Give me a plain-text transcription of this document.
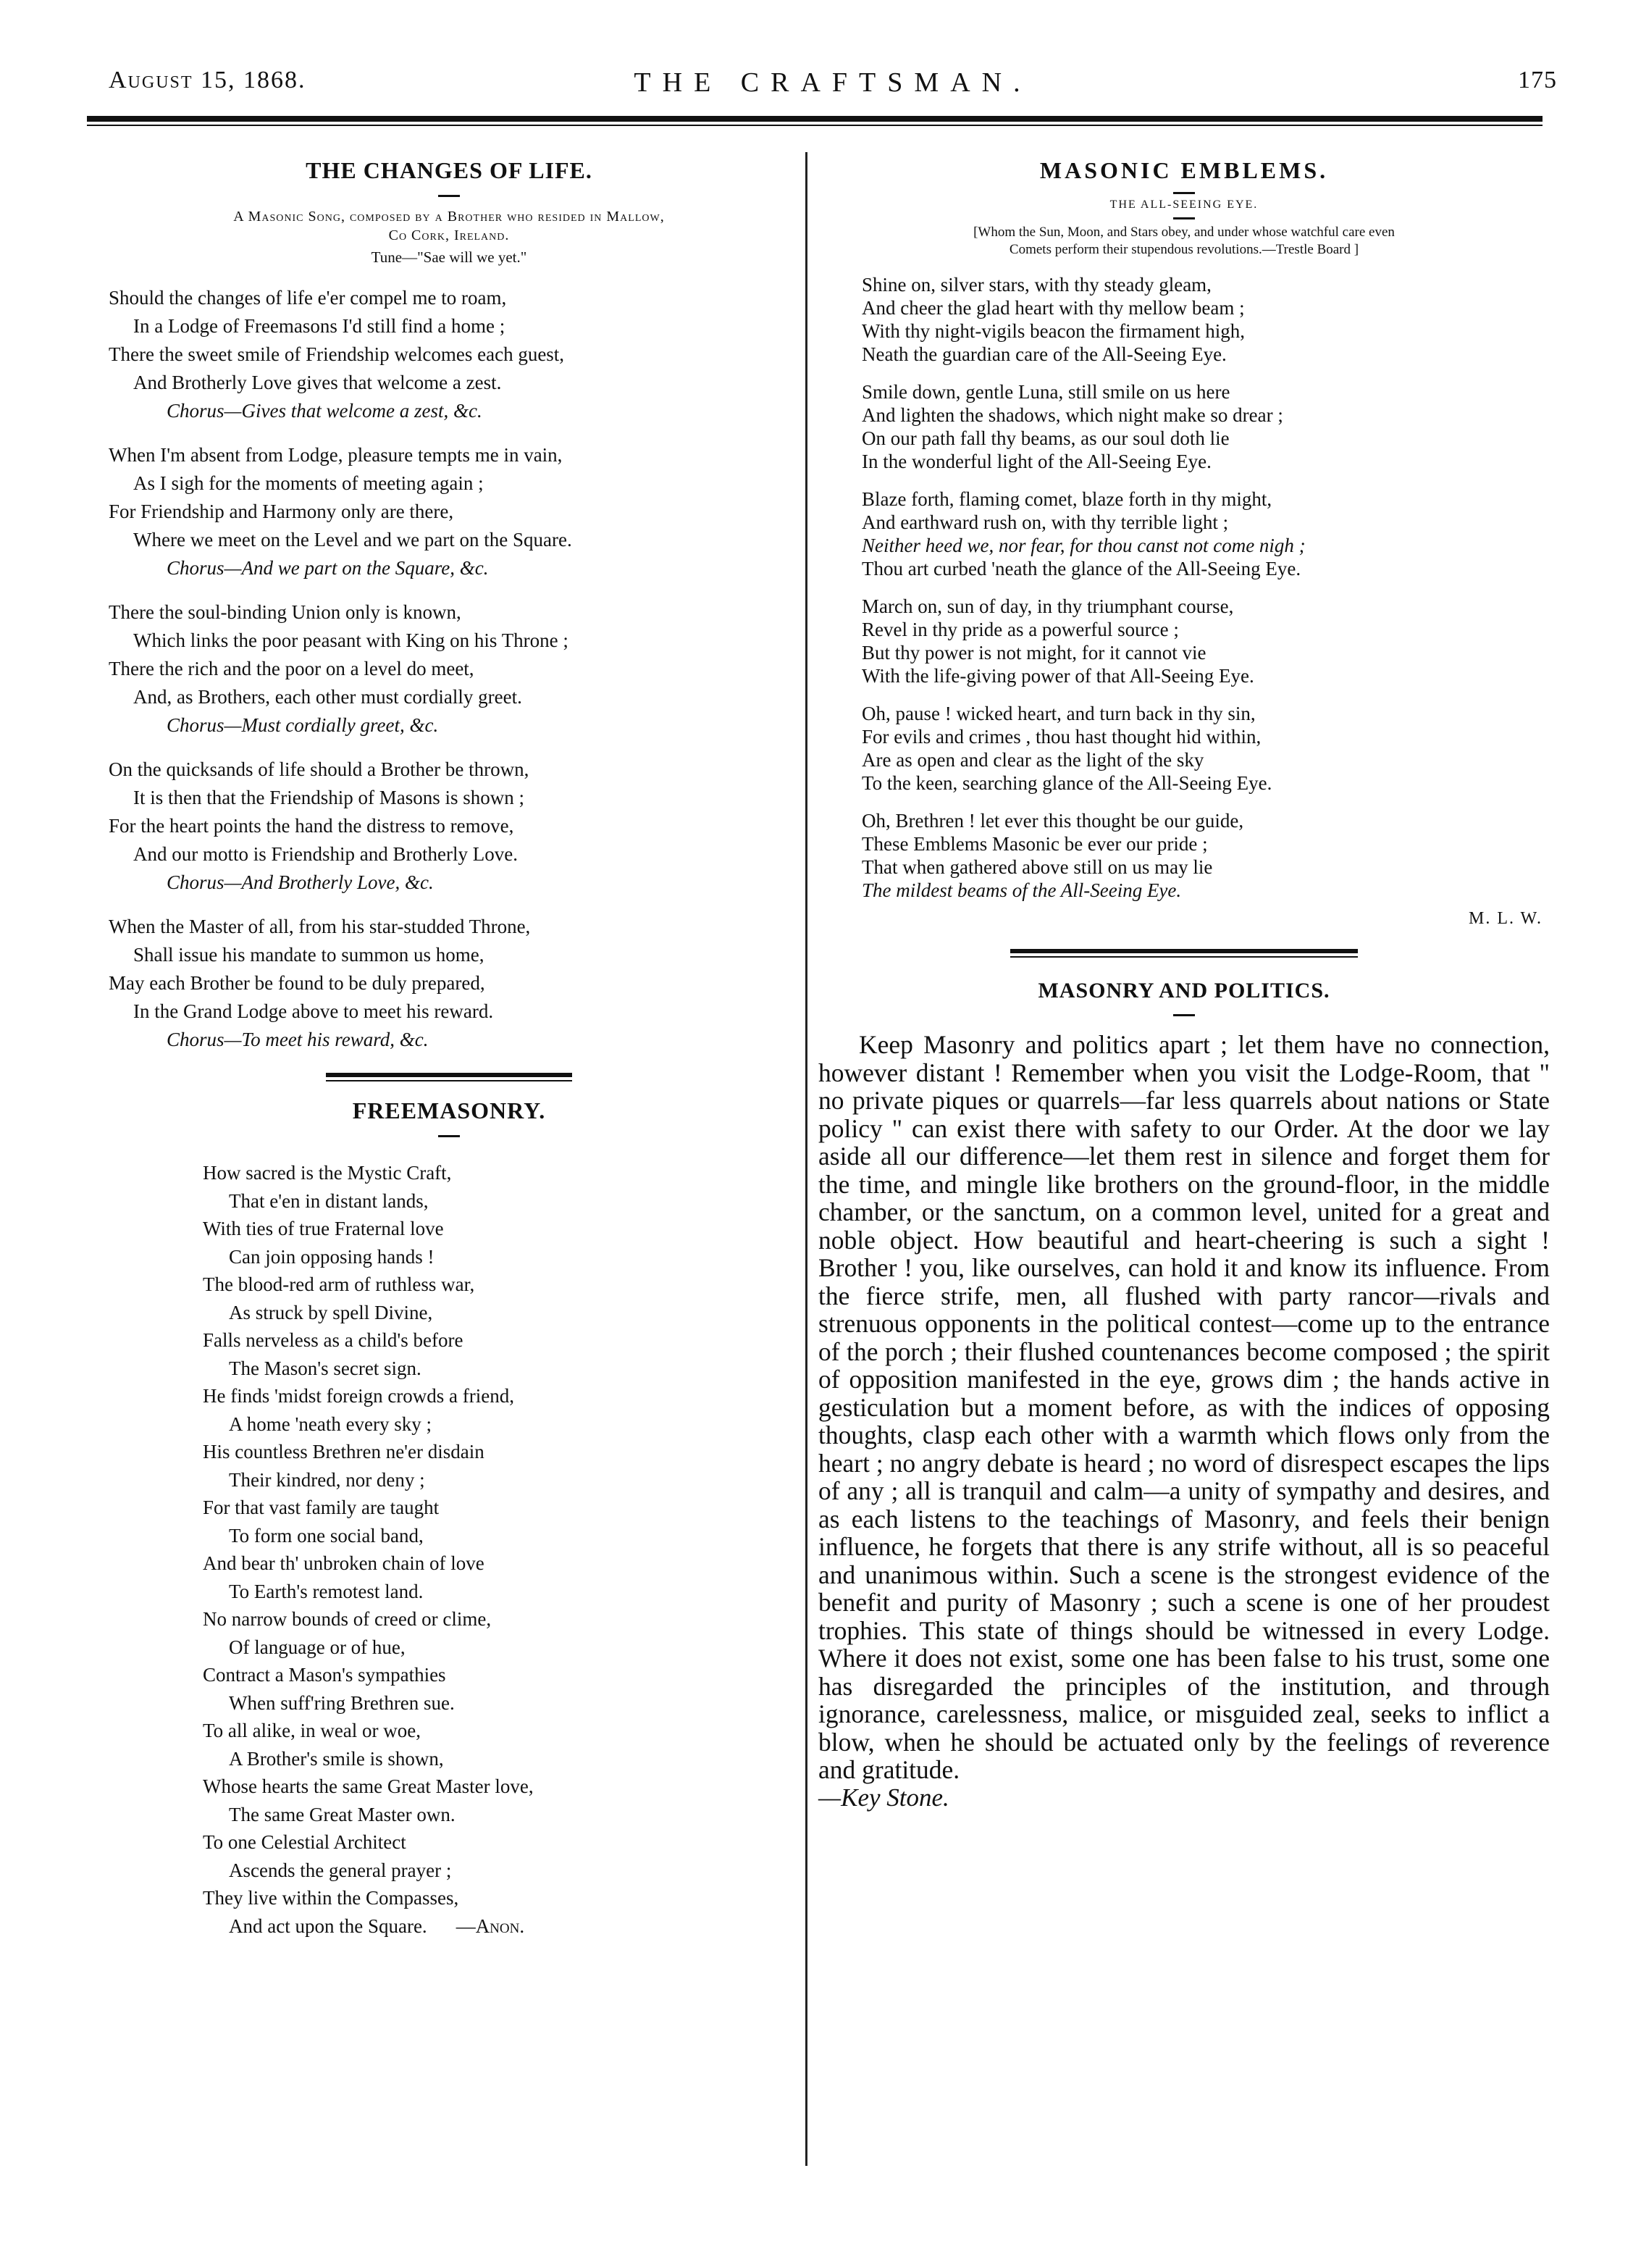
August 15, 1868.	THE CRAFTSMAN.	175
THE CHANGES OF LIFE.
A Masonic Song, composed by a Brother who resided in Mallow,
Co Cork, Ireland.
Tune—"Sae will we yet."
Should the changes of life e'er compel me to roam,
In a Lodge of Freemasons I'd still find a home ;
There the sweet smile of Friendship welcomes each guest,
And Brotherly Love gives that welcome a zest.
Chorus—Gives that welcome a zest, &c.
When I'm absent from Lodge, pleasure tempts me in vain,
As I sigh for the moments of meeting again ;
For Friendship and Harmony only are there,
Where we meet on the Level and we part on the Square.
Chorus—And we part on the Square, &c.
There the soul-binding Union only is known,
Which links the poor peasant with King on his Throne ;
There the rich and the poor on a level do meet,
And, as Brothers, each other must cordially greet.
Chorus—Must cordially greet, &c.
On the quicksands of life should a Brother be thrown,
It is then that the Friendship of Masons is shown ;
For the heart points the hand the distress to remove,
And our motto is Friendship and Brotherly Love.
Chorus—And Brotherly Love, &c.
When the Master of all, from his star-studded Throne,
Shall issue his mandate to summon us home,
May each Brother be found to be duly prepared,
In the Grand Lodge above to meet his reward.
Chorus—To meet his reward, &c.
FREEMASONRY.
How sacred is the Mystic Craft,
That e'en in distant lands,
With ties of true Fraternal love
Can join opposing hands !
The blood-red arm of ruthless war,
As struck by spell Divine,
Falls nerveless as a child's before
The Mason's secret sign.
He finds 'midst foreign crowds a friend,
A home 'neath every sky ;
His countless Brethren ne'er disdain
Their kindred, nor deny ;
For that vast family are taught
To form one social band,
And bear th' unbroken chain of love
To Earth's remotest land.
No narrow bounds of creed or clime,
Of language or of hue,
Contract a Mason's sympathies
When suff'ring Brethren sue.
To all alike, in weal or woe,
A Brother's smile is shown,
Whose hearts the same Great Master love,
The same Great Master own.
To one Celestial Architect
Ascends the general prayer ;
They live within the Compasses,
And act upon the Square. —Anon.
MASONIC EMBLEMS.
THE ALL-SEEING EYE.
[Whom the Sun, Moon, and Stars obey, and under whose watchful care even
Comets perform their stupendous revolutions.—Trestle Board ]
Shine on, silver stars, with thy steady gleam,
And cheer the glad heart with thy mellow beam ;
With thy night-vigils beacon the firmament high,
Neath the guardian care of the All-Seeing Eye.
Smile down, gentle Luna, still smile on us here
And lighten the shadows, which night make so drear ;
On our path fall thy beams, as our soul doth lie
In the wonderful light of the All-Seeing Eye.
Blaze forth, flaming comet, blaze forth in thy might,
And earthward rush on, with thy terrible light ;
Neither heed we, nor fear, for thou canst not come nigh ;
Thou art curbed 'neath the glance of the All-Seeing Eye.
March on, sun of day, in thy triumphant course,
Revel in thy pride as a powerful source ;
But thy power is not might, for it cannot vie
With the life-giving power of that All-Seeing Eye.
Oh, pause ! wicked heart, and turn back in thy sin,
For evils and crimes , thou hast thought hid within,
Are as open and clear as the light of the sky
To the keen, searching glance of the All-Seeing Eye.
Oh, Brethren ! let ever this thought be our guide,
These Emblems Masonic be ever our pride ;
That when gathered above still on us may lie
The mildest beams of the All-Seeing Eye.
M. L. W.
MASONRY AND POLITICS.

Keep Masonry and politics apart ; let them have no connection, however distant ! Remember when you visit the Lodge-Room, that " no private piques or quarrels—far less quarrels about nations or State policy " can exist there with safety to our Order. At the door we lay aside all our difference—let them rest in silence and forget them for the time, and mingle like brothers on the ground-floor, in the middle chamber, or the sanctum, on a common level, united for a great and noble object. How beautiful and heart-cheering is such a sight ! Brother ! you, like ourselves, can hold it and know its influence. From the fierce strife, men, all flushed with party rancor—rivals and strenuous opponents in the political contest—come up to the entrance of the porch ; their flushed countenances become composed ; the spirit of opposition manifested in the eye, grows dim ; the hands active in gesticulation but a moment before, as with the indices of opposing thoughts, clasp each other with a warmth which flows only from the heart ; no angry debate is heard ; no word of disrespect escapes the lips of any ; all is tranquil and calm—a unity of sympathy and desires, and as each listens to the teachings of Masonry, and feels their benign influence, he forgets that there is any strife without, all is so peaceful and unanimous within. Such a scene is the strongest evidence of the benefit and purity of Masonry ; such a scene is one of her proudest trophies. This state of things should be witnessed in every Lodge. Where it does not exist, some one has been false to his trust, some one has disregarded the principles of the institution, and through ignorance, carelessness, malice, or misguided zeal, seeks to inflict a blow, when he should be actuated only by the feelings of reverence and gratitude.

—Key Stone.
